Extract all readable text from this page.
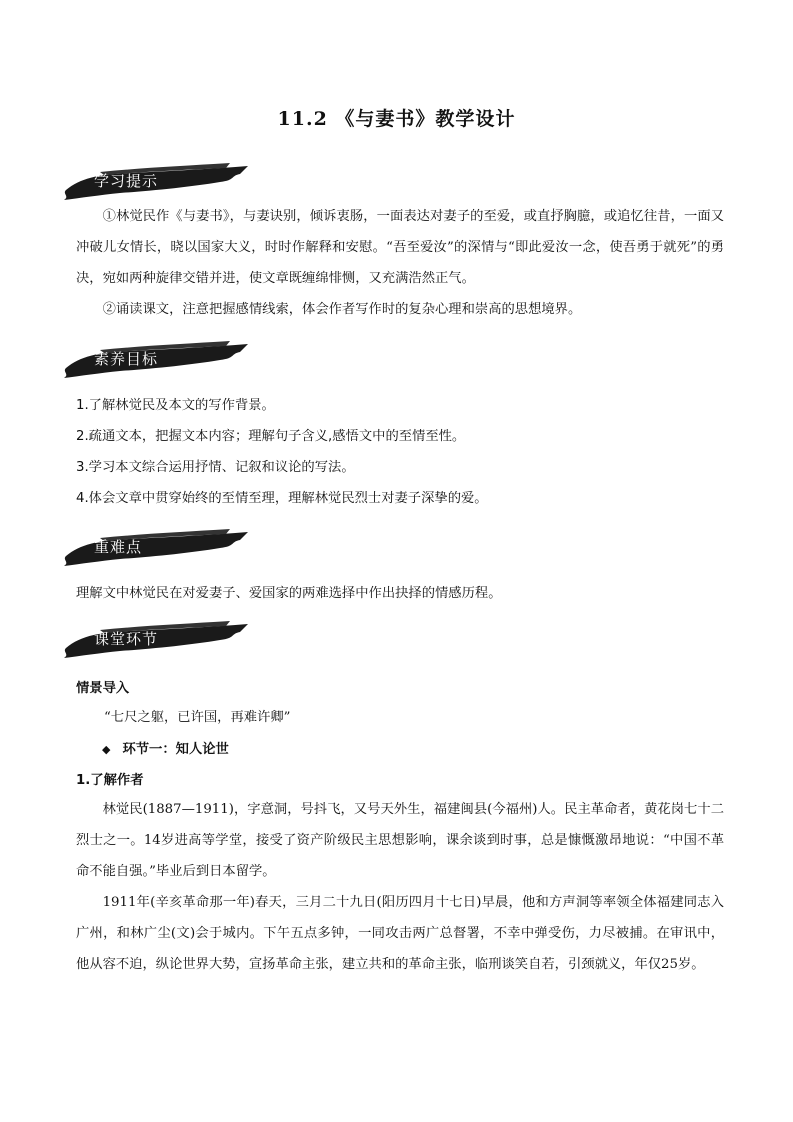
11.2 《与妻书》教学设计
学习提示

①林觉民作《与妻书》，与妻诀别，倾诉衷肠，一面表达对妻子的至爱，或直抒胸臆，或追忆往昔，一面又冲破儿女情长，晓以国家大义，时时作解释和安慰。“吾至爱汝”的深情与“即此爱汝一念，使吾勇于就死”的勇决，宛如两种旋律交错并进，使文章既缠绵悱恻，又充满浩然正气。

②诵读课文，注意把握感情线索，体会作者写作时的复杂心理和崇高的思想境界。

素养目标

1.了解林觉民及本文的写作背景。

2.疏通文本，把握文本内容；理解句子含义,感悟文中的至情至性。

3.学习本文综合运用抒情、记叙和议论的写法。

4.体会文章中贯穿始终的至情至理，理解林觉民烈士对妻子深挚的爱。

重难点

理解文中林觉民在对爱妻子、爱国家的两难选择中作出抉择的情感历程。

课堂环节

情景导入

“七尺之躯，已许国，再难许卿”

◆ 环节一：知人论世

1.了解作者

林觉民(1887—1911)，字意洞，号抖飞，又号天外生，福建闽县(今福州)人。民主革命者，黄花岗七十二烈士之一。14岁进高等学堂，接受了资产阶级民主思想影响，课余谈到时事，总是慷慨激昂地说：“中国不革命不能自强。”毕业后到日本留学。

1911年(辛亥革命那一年)春天，三月二十九日(阳历四月十七日)早晨，他和方声洞等率领全体福建同志入广州，和林广尘(文)会于城内。下午五点多钟，一同攻击两广总督署，不幸中弹受伤，力尽被捕。在审讯中，他从容不迫，纵论世界大势，宣扬革命主张，建立共和的革命主张，临刑谈笑自若，引颈就义，年仅25岁。
